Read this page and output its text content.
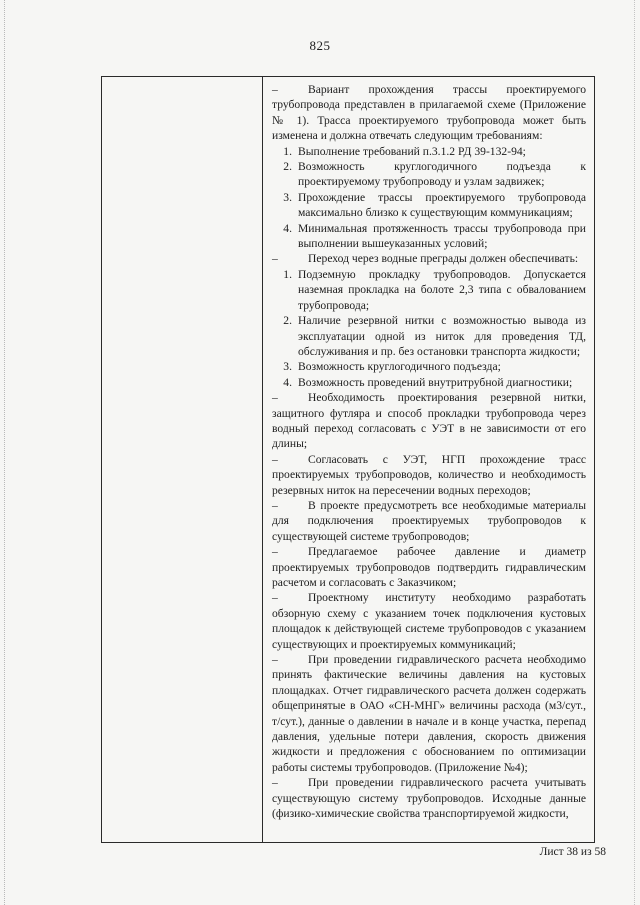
825

–	Вариант прохождения трассы проектируемого трубопровода представлен в прилагаемой схеме (Приложение № 1). Трасса проектируемого трубопровода может быть изменена и должна отвечать следующим требованиям:

1. Выполнение требований п.3.1.2 РД 39-132-94;
2. Возможность круглогодичного подъезда к проектируемому трубопроводу и узлам задвижек;
3. Прохождение трассы проектируемого трубопровода максимально близко к существующим коммуникациям;
4. Минимальная протяженность трассы трубопровода при выполнении вышеуказанных условий;

–	Переход через водные преграды должен обеспечивать:

1. Подземную прокладку трубопроводов. Допускается наземная прокладка на болоте 2,3 типа с обвалованием трубопровода;
2. Наличие резервной нитки с возможностью вывода из эксплуатации одной из ниток для проведения ТД, обслуживания и пр. без остановки транспорта жидкости;
3. Возможность круглогодичного подъезда;
4. Возможность проведений внутритрубной диагностики;

–	Необходимость проектирования резервной нитки, защитного футляра и способ прокладки трубопровода через водный переход согласовать с УЭТ в не зависимости от его длины;

–	Согласовать с УЭТ, НГП прохождение трасс проектируемых трубопроводов, количество и необходимость резервных ниток на пересечении водных переходов;

–	В проекте предусмотреть все необходимые материалы для подключения проектируемых трубопроводов к существующей системе трубопроводов;

–	Предлагаемое рабочее давление и диаметр проектируемых трубопроводов подтвердить гидравлическим расчетом и согласовать с Заказчиком;

–	Проектному институту необходимо разработать обзорную схему с указанием точек подключения кустовых площадок к действующей системе трубопроводов с указанием существующих и проектируемых коммуникаций;

–	При проведении гидравлического расчета необходимо принять фактические величины давления на кустовых площадках. Отчет гидравлического расчета должен содержать общепринятые в ОАО «СН-МНГ» величины расхода (м3/сут., т/сут.), данные о давлении в начале и в конце участка, перепад давления, удельные потери давления, скорость движения жидкости и предложения с обоснованием по оптимизации работы системы трубопроводов. (Приложение №4);

–	При проведении гидравлического расчета учитывать существующую систему трубопроводов. Исходные данные (физико-химические свойства транспортируемой жидкости,

Лист 38 из 58
